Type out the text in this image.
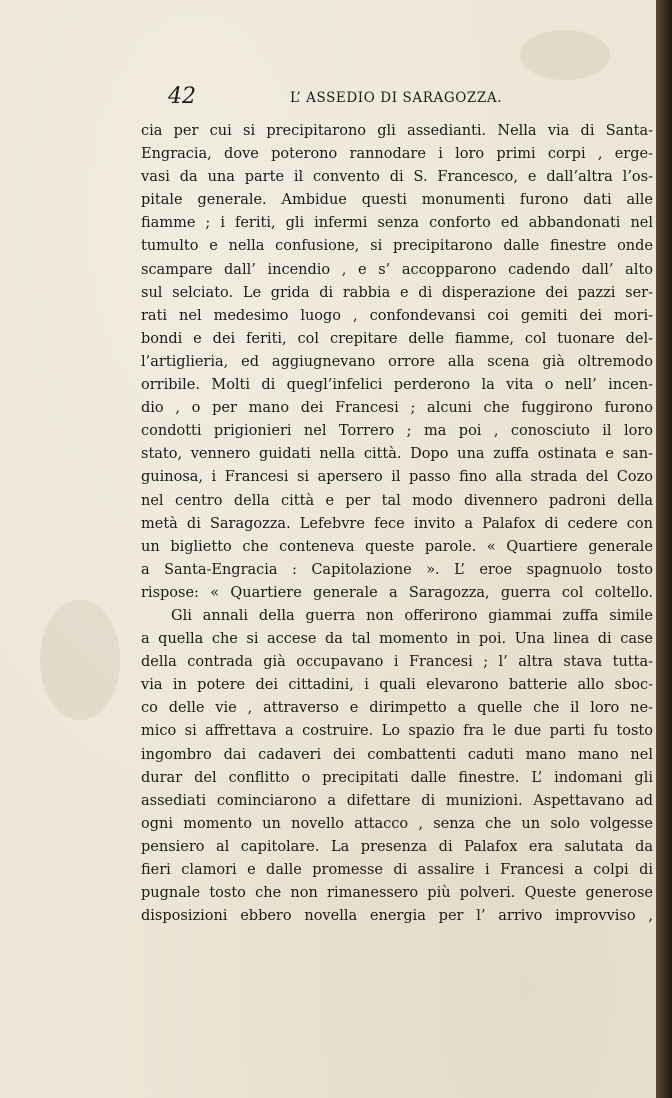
42	L’ ASSEDIO DI SARAGOZZA.
cia per cui si precipitarono gli assedianti. Nella via di Santa-
Engracia, dove poterono rannodare i loro primi corpi , erge-
vasi da una parte il convento di S. Francesco, e dall’altra l’os-
pitale generale. Ambidue questi monumenti furono dati alle
fiamme ; i feriti, gli infermi senza conforto ed abbandonati nel
tumulto e nella confusione, si precipitarono dalle finestre onde
scampare dall’ incendio , e s’ accopparono cadendo dall’ alto
sul selciato. Le grida di rabbia e di disperazione dei pazzi ser-
rati nel medesimo luogo , confondevansi coi gemiti dei mori-
bondi e dei feriti, col crepitare delle fiamme, col tuonare del-
l’artiglieria, ed aggiugnevano orrore alla scena già oltremodo
orribile. Molti di quegl’infelici perderono la vita o nell’ incen-
dio , o per mano dei Francesi ; alcuni che fuggirono furono
condotti prigionieri nel Torrero ; ma poi , conosciuto il loro
stato, vennero guidati nella città. Dopo una zuffa ostinata e san-
guinosa, i Francesi si apersero il passo fino alla strada del Cozo
nel centro della città e per tal modo divennero padroni della
metà di Saragozza. Lefebvre fece invito a Palafox di cedere con
un biglietto che conteneva queste parole. « Quartiere generale
a Santa-Engracia : Capitolazione ». L’ eroe spagnuolo tosto
rispose: « Quartiere generale a Saragozza, guerra col coltello.
Gli annali della guerra non offerirono giammai zuffa simile
a quella che si accese da tal momento in poi. Una linea di case
della contrada già occupavano i Francesi ; l’ altra stava tutta-
via in potere dei cittadini, i quali elevarono batterie allo sboc-
co delle vie , attraverso e dirimpetto a quelle che il loro ne-
mico si affrettava a costruire. Lo spazio fra le due parti fu tosto
ingombro dai cadaveri dei combattenti caduti mano mano nel
durar del conflitto o precipitati dalle finestre. L’ indomani gli
assediati cominciarono a difettare di munizioni. Aspettavano ad
ogni momento un novello attacco , senza che un solo volgesse
pensiero al capitolare. La presenza di Palafox era salutata da
fieri clamori e dalle promesse di assalire i Francesi a colpi di
pugnale tosto che non rimanessero più polveri. Queste generose
disposizioni ebbero novella energia per l’ arrivo improvviso ,
